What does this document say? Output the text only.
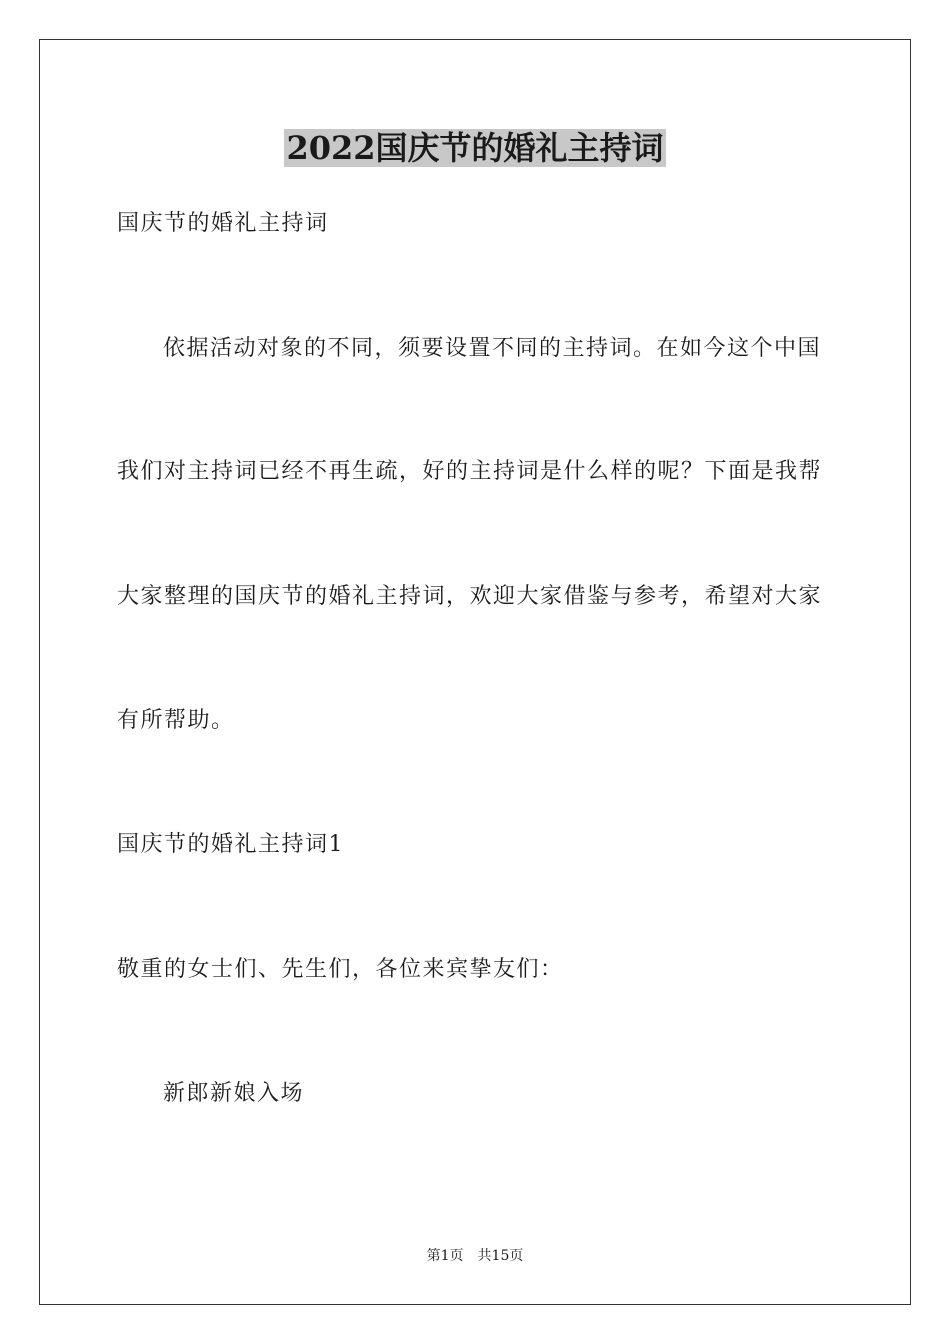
2022国庆节的婚礼主持词
国庆节的婚礼主持词
依据活动对象的不同，须要设置不同的主持词。在如今这个中国
我们对主持词已经不再生疏，好的主持词是什么样的呢？下面是我帮
大家整理的国庆节的婚礼主持词，欢迎大家借鉴与参考，希望对大家
有所帮助。
国庆节的婚礼主持词1
敬重的女士们、先生们，各位来宾挚友们：
新郎新娘入场
第1页 共15页
